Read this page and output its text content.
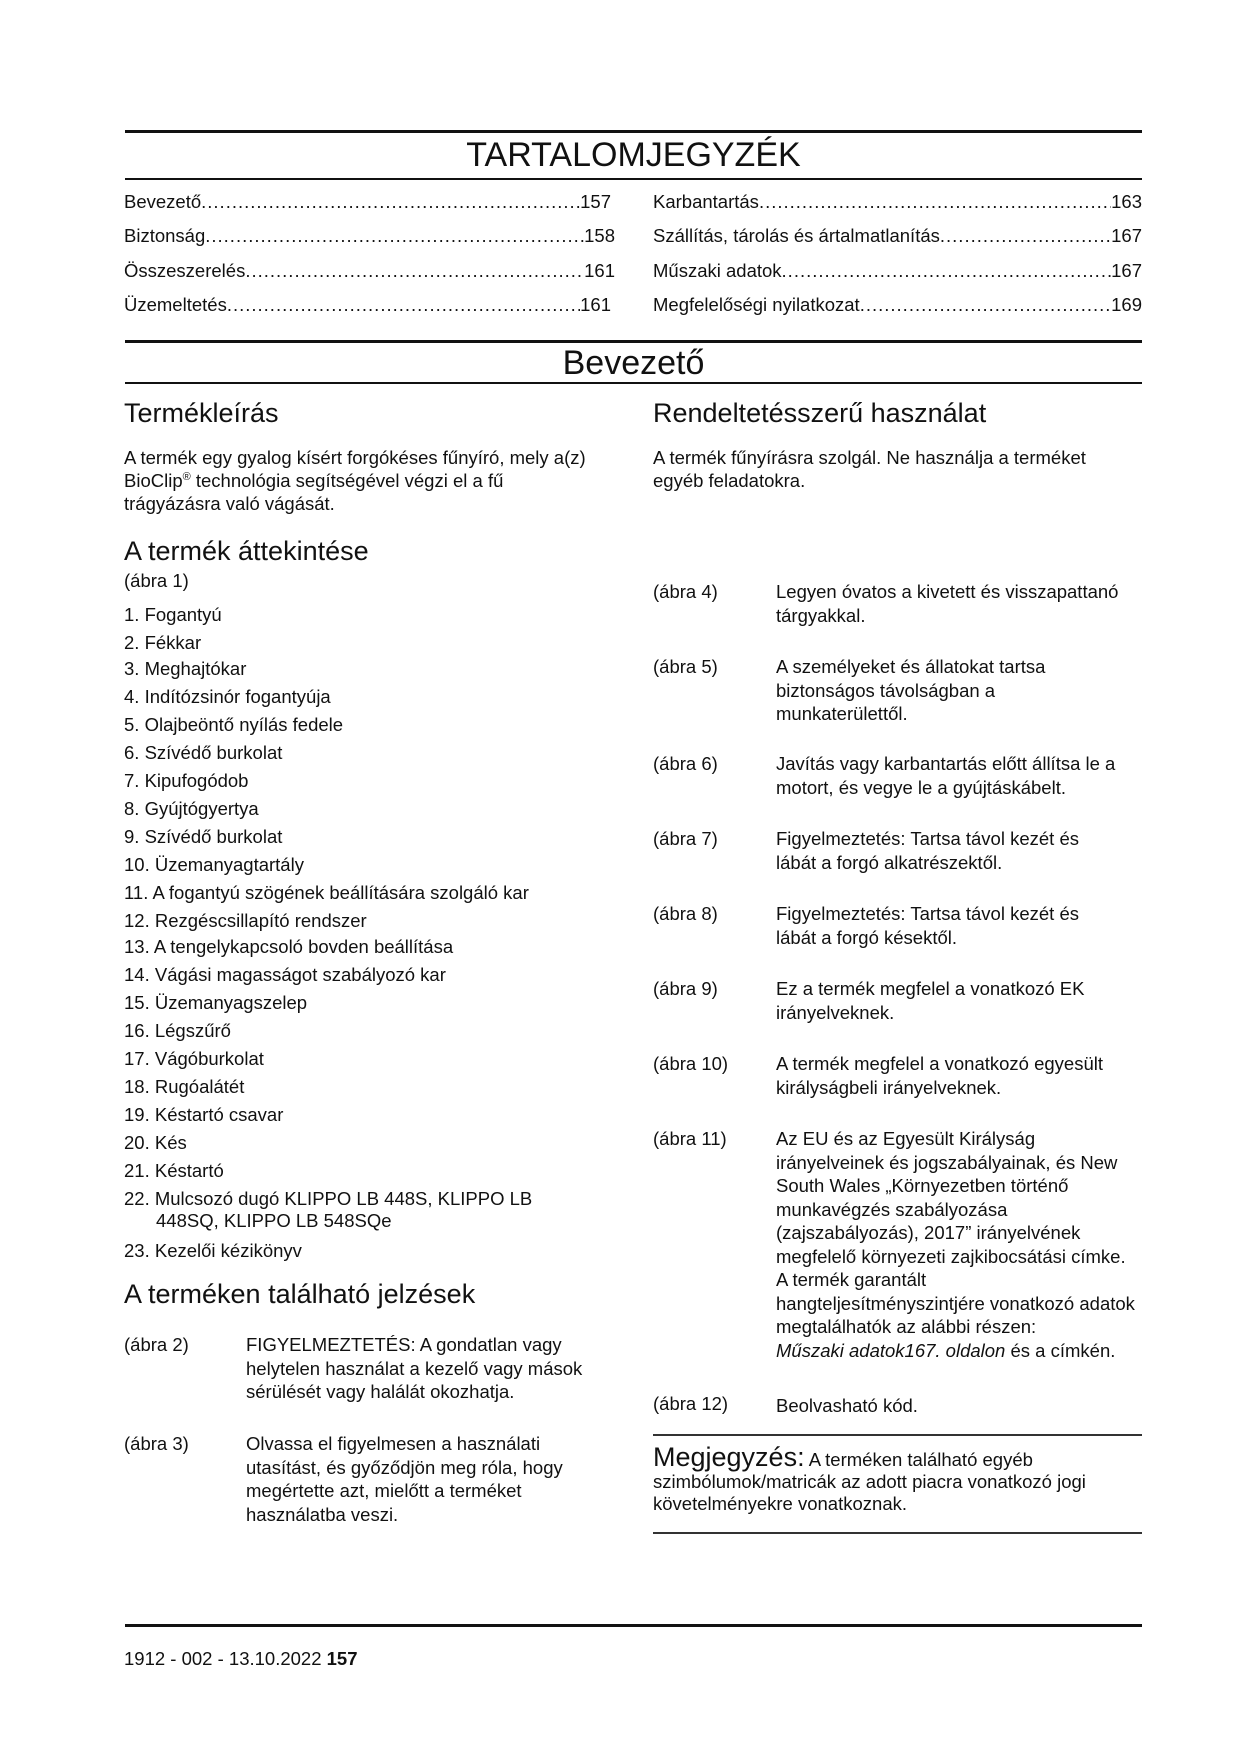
TARTALOMJEGYZÉK
Bevezető .....	157
Biztonság .....	158
Összeszerelés .....	161
Üzemeltetés .....	161
Karbantartás .....	163
Szállítás, tárolás és ártalmatlanítás .....	167
Műszaki adatok .....	167
Megfelelőségi nyilatkozat .....	169
Bevezető
Termékleírás
A termék egy gyalog kísért forgókéses fűnyíró, mely a(z) BioClip® technológia segítségével végzi el a fű trágyázásra való vágását.
A termék áttekintése
(ábra 1)
1. Fogantyú
2. Fékkar
3. Meghajtókar
4. Indítózsinór fogantyúja
5. Olajbeöntő nyílás fedele
6. Szívédő burkolat
7. Kipufogódob
8. Gyújtógyertya
9. Szívédő burkolat
10. Üzemanyagtartály
11. A fogantyú szögének beállítására szolgáló kar
12. Rezgéscsillapító rendszer
13. A tengelykapcsoló bovden beállítása
14. Vágási magasságot szabályozó kar
15. Üzemanyagszelep
16. Légszűrő
17. Vágóburkolat
18. Rugóalátét
19. Késtartó csavar
20. Kés
21. Késtartó
22. Mulcsozó dugó KLIPPO LB 448S, KLIPPO LB 448SQ, KLIPPO LB 548SQe
23. Kezelői kézikönyv
A terméken található jelzések
(ábra 2)	FIGYELMEZTETÉS: A gondatlan vagy helytelen használat a kezelő vagy mások sérülését vagy halálát okozhatja.
(ábra 3)	Olvassa el figyelmesen a használati utasítást, és győződjön meg róla, hogy megértette azt, mielőtt a terméket használatba veszi.
Rendeltetésszerű használat
A termék fűnyírásra szolgál. Ne használja a terméket egyéb feladatokra.
(ábra 4)	Legyen óvatos a kivetett és visszapattanó tárgyakkal.
(ábra 5)	A személyeket és állatokat tartsa biztonságos távolságban a munkaterülettől.
(ábra 6)	Javítás vagy karbantartás előtt állítsa le a motort, és vegye le a gyújtáskábelt.
(ábra 7)	Figyelmeztetés: Tartsa távol kezét és lábát a forgó alkatrészektől.
(ábra 8)	Figyelmeztetés: Tartsa távol kezét és lábát a forgó késektől.
(ábra 9)	Ez a termék megfelel a vonatkozó EK irányelveknek.
(ábra 10)	A termék megfelel a vonatkozó egyesült királyságbeli irányelveknek.
(ábra 11)	Az EU és az Egyesült Királyság irányelveinek és jogszabályainak, és New South Wales „Környezetben történő munkavégzés szabályozása (zajszabályozás), 2017” irányelvének megfelelő környezeti zajkibocsátási címke. A termék garantált hangteljesítményszintjére vonatkozó adatok megtalálhatók az alábbi részen:
Műszaki adatok167. oldalon és a címkén.
(ábra 12)	Beolvasható kód.
Megjegyzés: A terméken található egyéb szimbólumok/matricák az adott piacra vonatkozó jogi követelményekre vonatkoznak.
1912 - 002 - 13.10.2022 157
